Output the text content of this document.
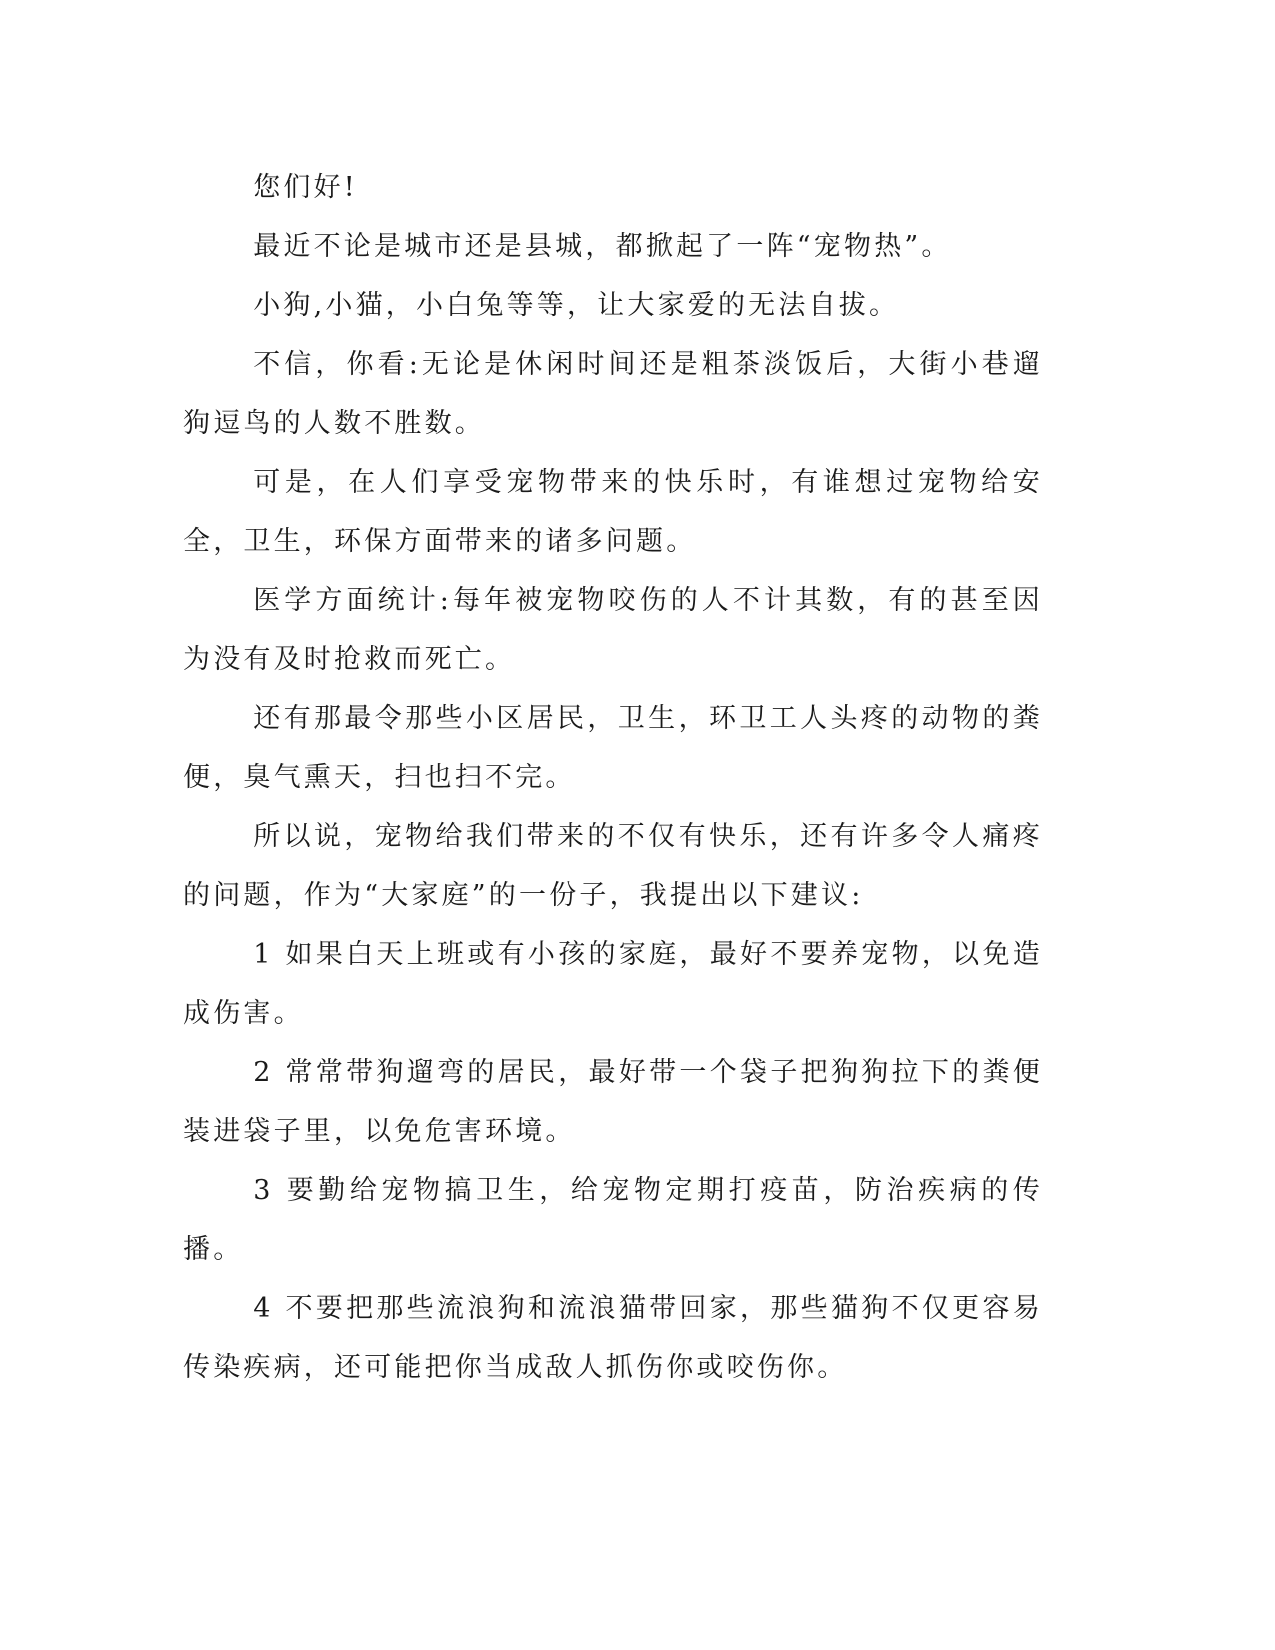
您们好!

最近不论是城市还是县城，都掀起了一阵“宠物热”。

小狗,小猫，小白兔等等，让大家爱的无法自拔。

不信，你看:无论是休闲时间还是粗茶淡饭后，大街小巷遛狗逗鸟的人数不胜数。

可是，在人们享受宠物带来的快乐时，有谁想过宠物给安全，卫生，环保方面带来的诸多问题。

医学方面统计:每年被宠物咬伤的人不计其数，有的甚至因为没有及时抢救而死亡。

还有那最令那些小区居民，卫生，环卫工人头疼的动物的粪便，臭气熏天，扫也扫不完。

所以说，宠物给我们带来的不仅有快乐，还有许多令人痛疼的问题，作为“大家庭”的一份子，我提出以下建议:

1 如果白天上班或有小孩的家庭，最好不要养宠物，以免造成伤害。

2 常常带狗遛弯的居民，最好带一个袋子把狗狗拉下的粪便装进袋子里，以免危害环境。

3 要勤给宠物搞卫生，给宠物定期打疫苗，防治疾病的传播。

4 不要把那些流浪狗和流浪猫带回家，那些猫狗不仅更容易传染疾病，还可能把你当成敌人抓伤你或咬伤你。
